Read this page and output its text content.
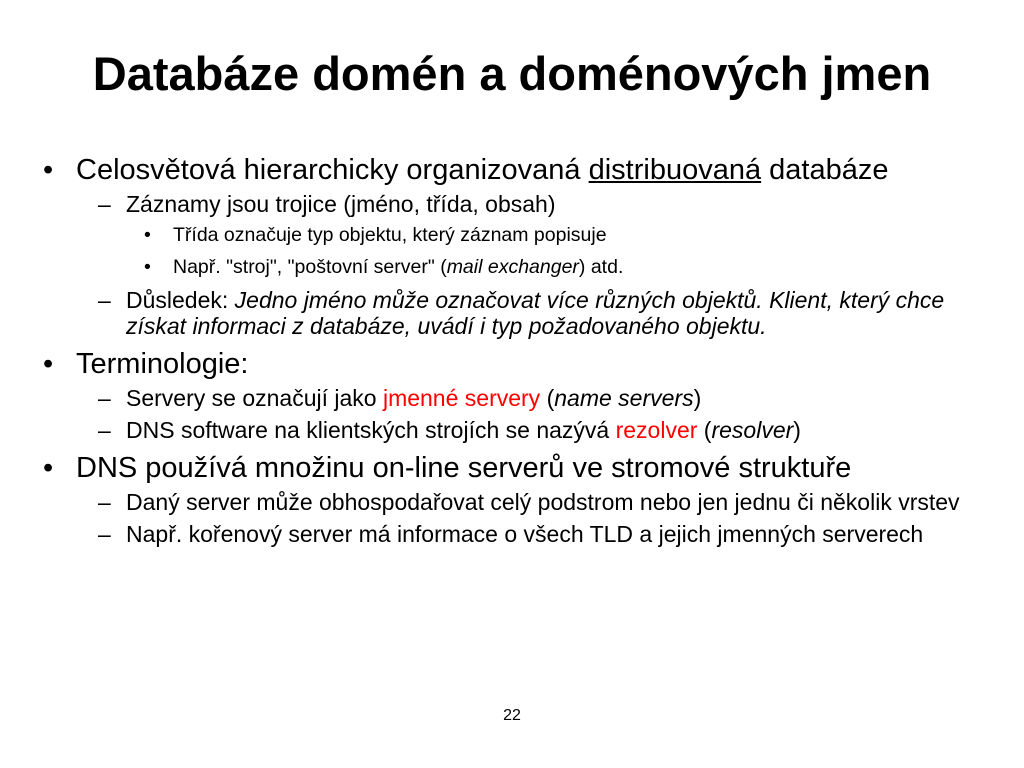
Databáze domén a doménových jmen
• Celosvětová hierarchicky organizovaná distribuovaná databáze
– Záznamy jsou trojice (jméno, třída, obsah)
• Třída označuje typ objektu, který záznam popisuje
• Např. "stroj", "poštovní server" (mail exchanger) atd.
– Důsledek: Jedno jméno může označovat více různých objektů. Klient, který chce získat informaci z databáze, uvádí i typ požadovaného objektu.
• Terminologie:
– Servery se označují jako jmenné servery (name servers)
– DNS software na klientských strojích se nazývá rezolver (resolver)
• DNS používá množinu on-line serverů ve stromové struktuře
– Daný server může obhospodařovat celý podstrom nebo jen jednu či několik vrstev
– Např. kořenový server má informace o všech TLD a jejich jmenných serverech
22
